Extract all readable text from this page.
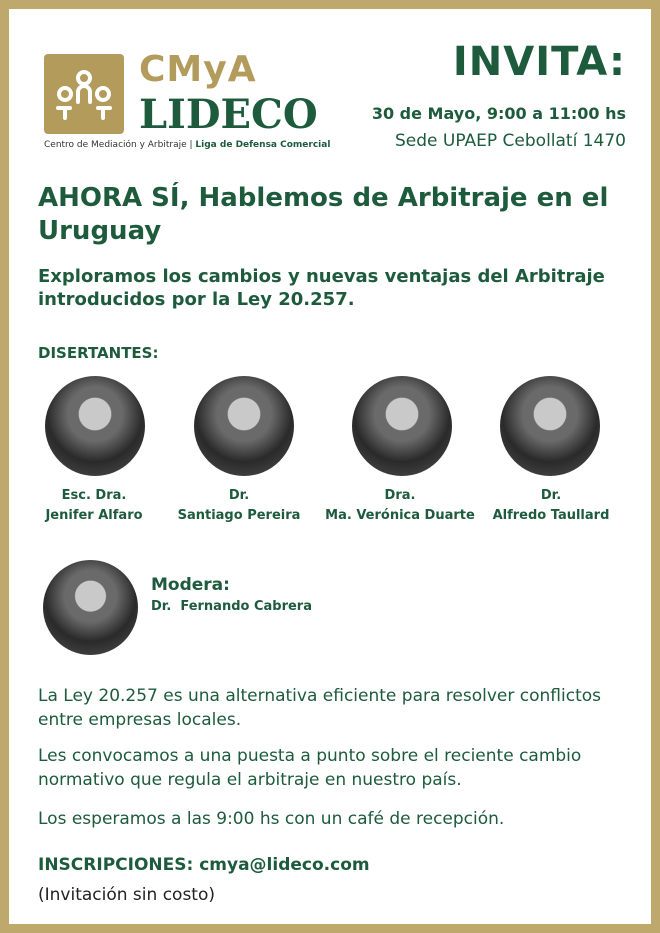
CMyA
LIDECO
Centro de Mediación y Arbitraje | Liga de Defensa Comercial
INVITA:
30 de Mayo, 9:00 a 11:00 hs
Sede UPAEP Cebollatí 1470
AHORA SÍ, Hablemos de Arbitraje en el Uruguay
Exploramos los cambios y nuevas ventajas del Arbitraje introducidos por la Ley 20.257.
DISERTANTES:
Esc. Dra.
Jenifer Alfaro
Dr.
Santiago Pereira
Dra.
Ma. Verónica Duarte
Dr.
Alfredo Taullard
Modera:
Dr.  Fernando Cabrera
La Ley 20.257 es una alternativa eficiente para resolver conflictos entre empresas locales.
Les convocamos a una puesta a punto sobre el reciente cambio normativo que regula el arbitraje en nuestro país.
Los esperamos a las 9:00 hs con un café de recepción.
INSCRIPCIONES: cmya@lideco.com
(Invitación sin costo)
